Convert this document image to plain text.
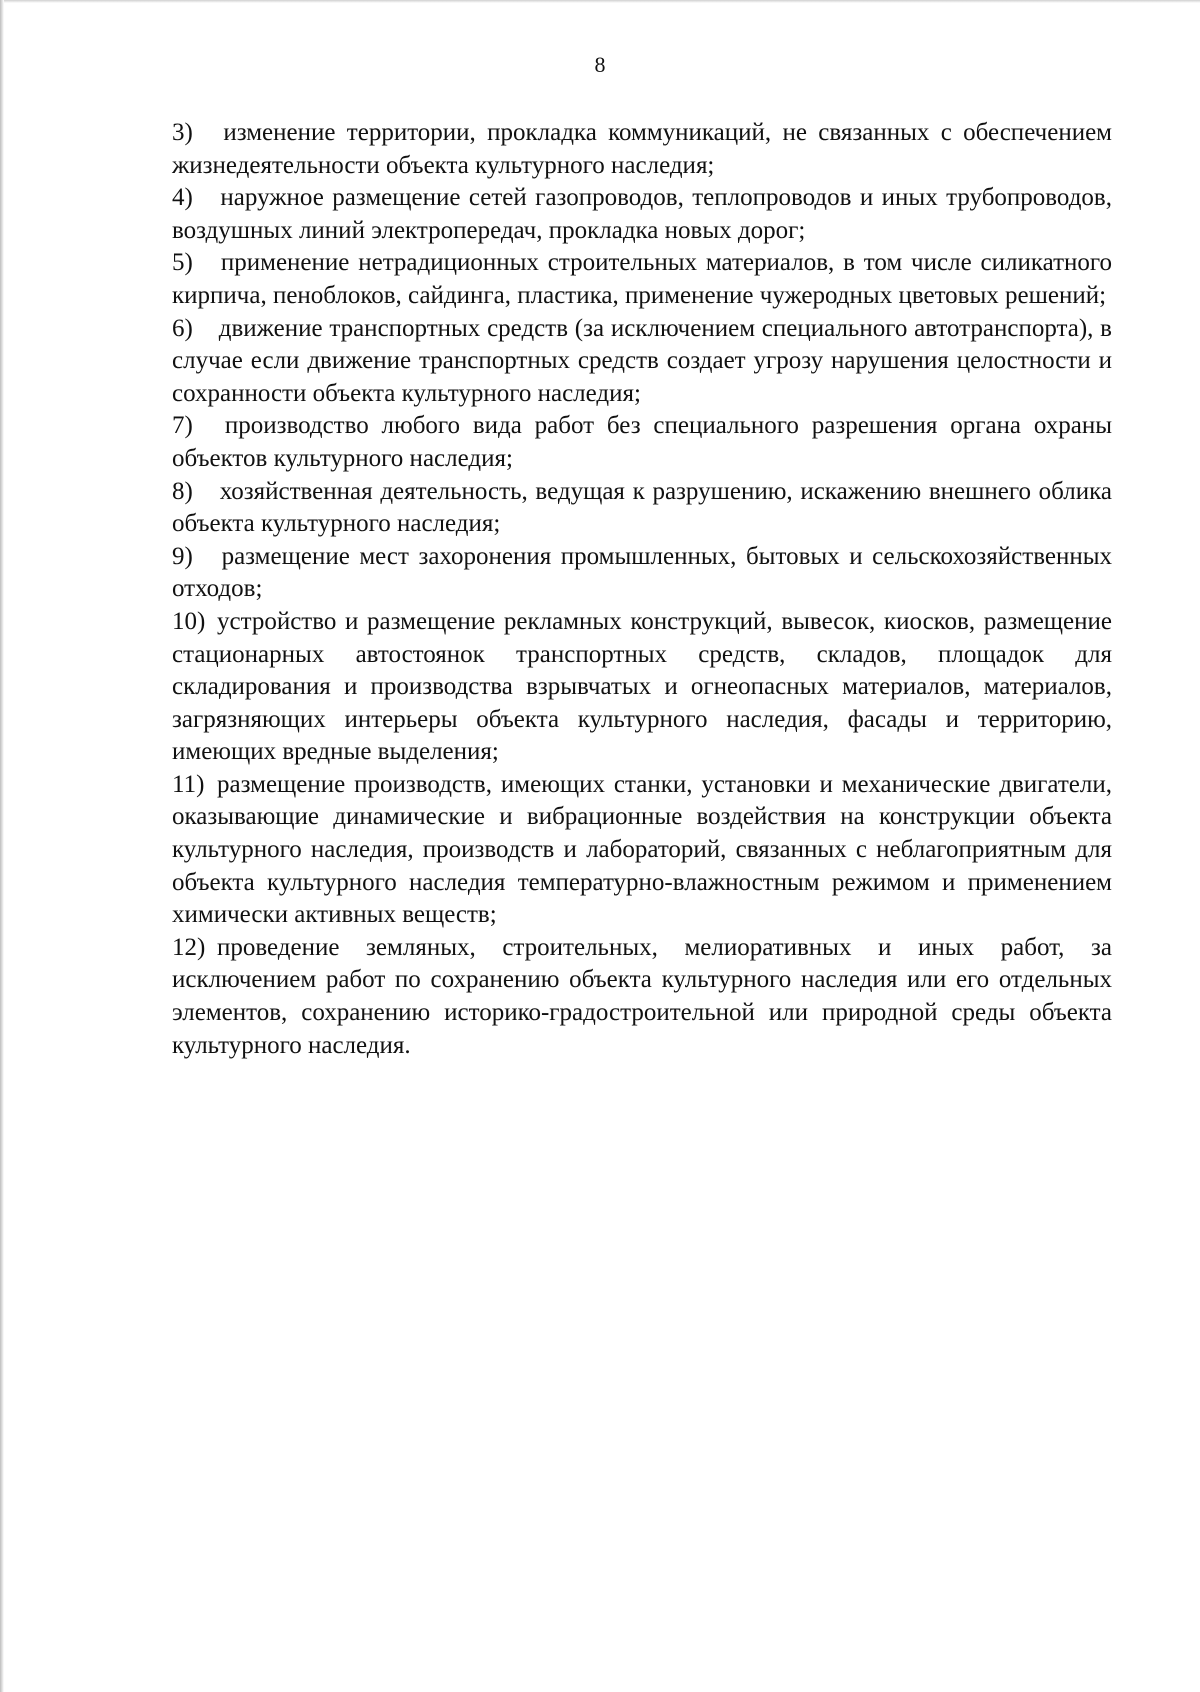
8

3) изменение территории, прокладка коммуникаций, не связанных с обеспечением жизнедеятельности объекта культурного наследия;

4) наружное размещение сетей газопроводов, теплопроводов и иных трубопроводов, воздушных линий электропередач, прокладка новых дорог;

5) применение нетрадиционных строительных материалов, в том числе силикатного кирпича, пеноблоков, сайдинга, пластика, применение чужеродных цветовых решений;

6) движение транспортных средств (за исключением специального автотранспорта), в случае если движение транспортных средств создает угрозу нарушения целостности и сохранности объекта культурного наследия;

7) производство любого вида работ без специального разрешения органа охраны объектов культурного наследия;

8) хозяйственная деятельность, ведущая к разрушению, искажению внешнего облика объекта культурного наследия;

9) размещение мест захоронения промышленных, бытовых и сельскохозяйственных отходов;

10) устройство и размещение рекламных конструкций, вывесок, киосков, размещение стационарных автостоянок транспортных средств, складов, площадок для складирования и производства взрывчатых и огнеопасных материалов, материалов, загрязняющих интерьеры объекта культурного наследия, фасады и территорию, имеющих вредные выделения;

11) размещение производств, имеющих станки, установки и механические двигатели, оказывающие динамические и вибрационные воздействия на конструкции объекта культурного наследия, производств и лабораторий, связанных с неблагоприятным для объекта культурного наследия температурно-влажностным режимом и применением химически активных веществ;

12) проведение земляных, строительных, мелиоративных и иных работ, за исключением работ по сохранению объекта культурного наследия или его отдельных элементов, сохранению историко-градостроительной или природной среды объекта культурного наследия.
